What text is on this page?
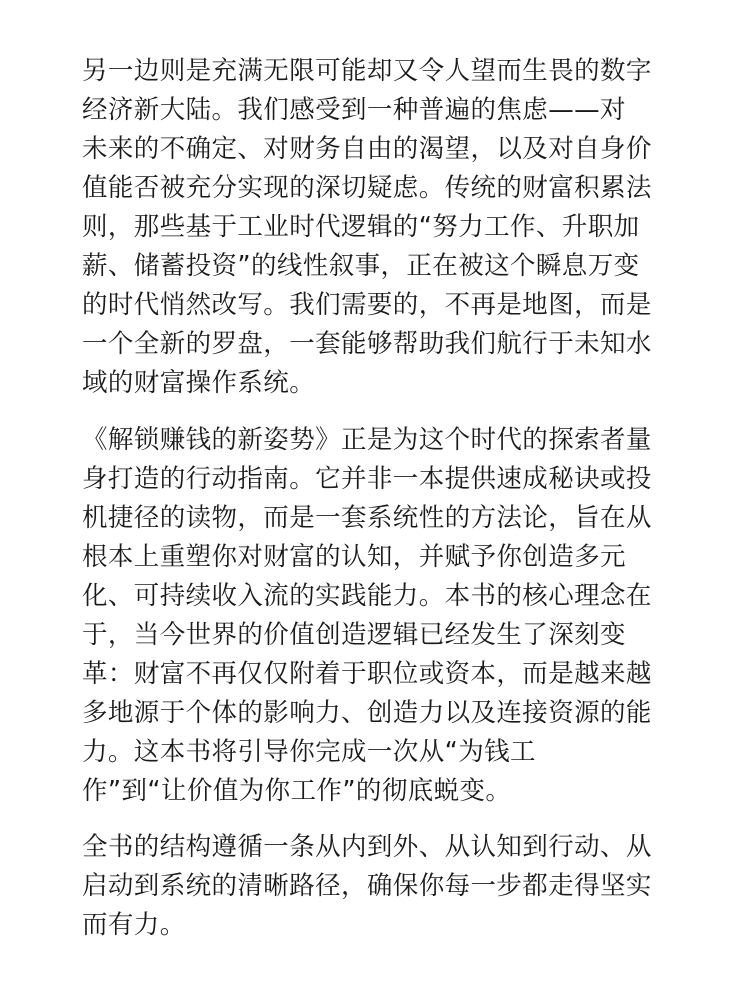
另一边则是充满无限可能却又令人望而生畏的数字
经济新大陆。我们感受到一种普遍的焦虑——对
未来的不确定、对财务自由的渴望，以及对自身价
值能否被充分实现的深切疑虑。传统的财富积累法
则，那些基于工业时代逻辑的“努力工作、升职加
薪、储蓄投资”的线性叙事，正在被这个瞬息万变
的时代悄然改写。我们需要的，不再是地图，而是
一个全新的罗盘，一套能够帮助我们航行于未知水
域的财富操作系统。
《解锁赚钱的新姿势》正是为这个时代的探索者量
身打造的行动指南。它并非一本提供速成秘诀或投
机捷径的读物，而是一套系统性的方法论，旨在从
根本上重塑你对财富的认知，并赋予你创造多元
化、可持续收入流的实践能力。本书的核心理念在
于，当今世界的价值创造逻辑已经发生了深刻变
革：财富不再仅仅附着于职位或资本，而是越来越
多地源于个体的影响力、创造力以及连接资源的能
力。这本书将引导你完成一次从“为钱工
作”到“让价值为你工作”的彻底蜕变。
全书的结构遵循一条从内到外、从认知到行动、从
启动到系统的清晰路径，确保你每一步都走得坚实
而有力。
